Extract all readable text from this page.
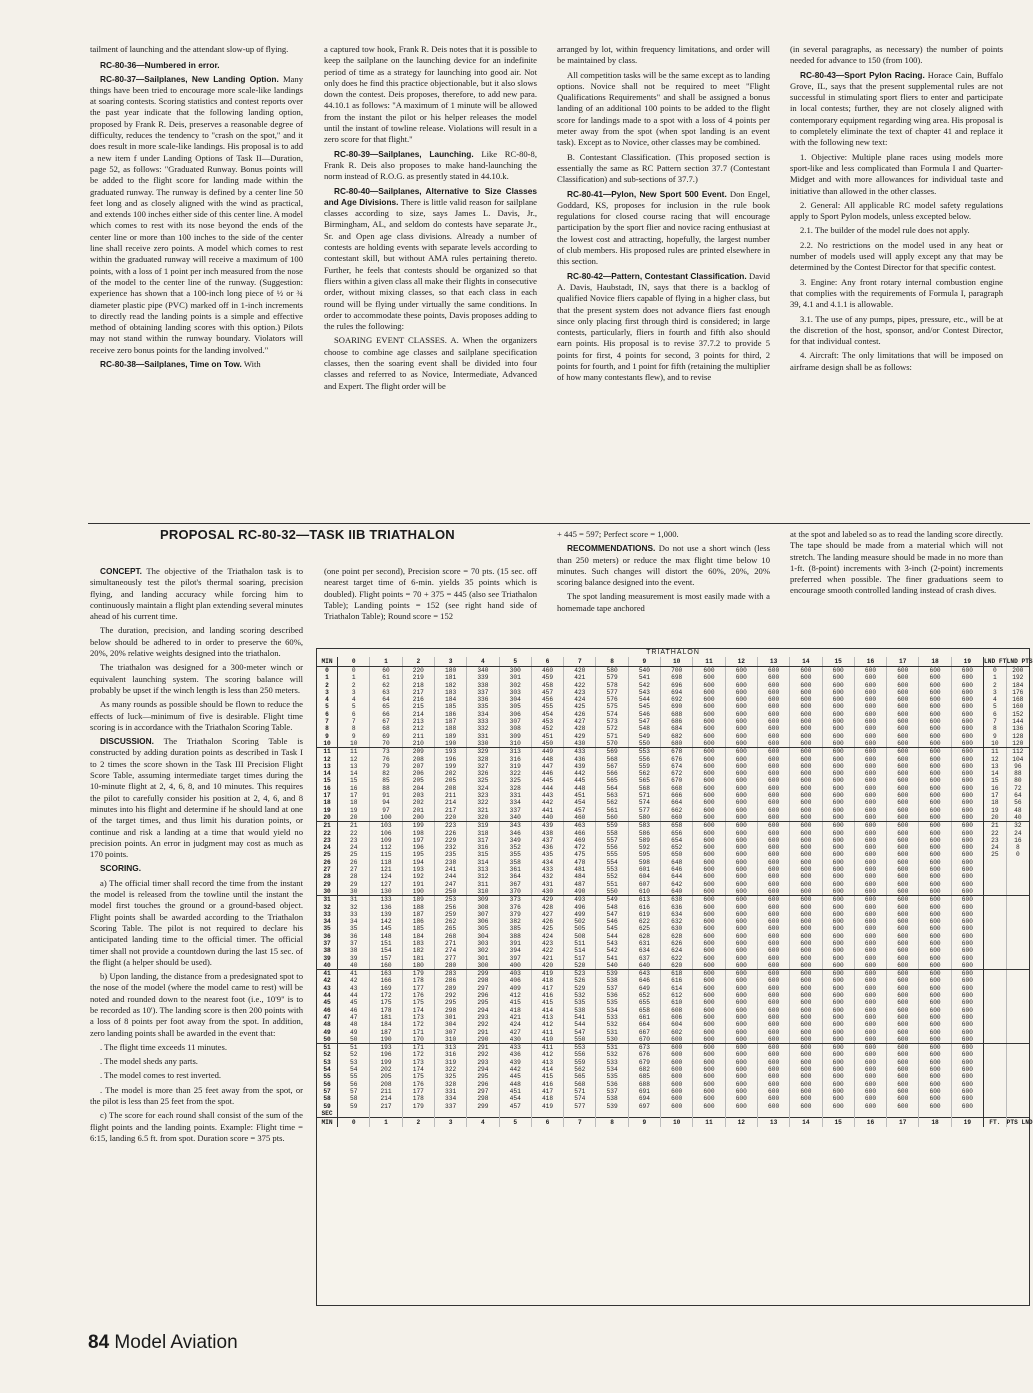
tailment of launching and the attendant slow-up of flying.

RC-80-36—Numbered in error.

RC-80-37—Sailplanes, New Landing Option. Many things have been tried to encourage more scale-like landings at soaring contests. Scoring statistics and contest reports over the past year indicate that the following landing option, proposed by Frank R. Deis, preserves a reasonable degree of difficulty, reduces the tendency to "crash on the spot," and it does result in more scale-like landings. His proposal is to add a new item f under Landing Options of Task II—Duration, page 52, as follows: "Graduated Runway. Bonus points will be added to the flight score for landing made within the graduated runway. The runway is defined by a center line 50 feet long and as closely aligned with the wind as practical, and extends 100 inches either side of this center line. A model which comes to rest with its nose beyond the ends of the center line or more than 100 inches to the side of the center line shall receive zero points. A model which comes to rest within the graduated runway will receive a maximum of 100 points, with a loss of 1 point per inch measured from the nose of the model to the center line of the runway. (Suggestion: experience has shown that a 100-inch long piece of ½ or ¾ diameter plastic pipe (PVC) marked off in 1-inch increments to directly read the landing points is a simple and effective method of obtaining landing scores with this option.) Pilots may not stand within the runway boundary. Violators will receive zero bonus points for the landing involved."

RC-80-38—Sailplanes, Time on Tow. With

a captured tow hook, Frank R. Deis notes that it is possible to keep the sailplane on the launching device for an indefinite period of time as a strategy for launching into good air. Not only does he find this practice objectionable, but it also slows down the contest. Deis proposes, therefore, to add new para. 44.10.1 as follows: "A maximum of 1 minute will be allowed from the instant the pilot or his helper releases the model until the instant of towline release. Violations will result in a zero score for that flight."

RC-80-39—Sailplanes, Launching. Like RC-80-8, Frank R. Deis also proposes to make hand-launching the norm instead of R.O.G. as presently stated in 44.10.k.

RC-80-40—Sailplanes, Alternative to Size Classes and Age Divisions. There is little valid reason for sailplane classes according to size, says James L. Davis, Jr., Birmingham, AL, and seldom do contests have separate Jr., Sr. and Open age class divisions. Already a number of contests are holding events with separate levels according to contestant skill, but without AMA rules pertaining thereto. Further, he feels that contests should be organized so that fliers within a given class all make their flights in consecutive order, without mixing classes, so that each class in each round will be flying under virtually the same conditions. In order to accommodate these points, Davis proposes adding to the rules the following:

SOARING EVENT CLASSES. A. When the organizers choose to combine age classes and sailplane specification classes, then the soaring event shall be divided into four classes and referred to as Novice, Intermediate, Advanced and Expert. The flight order will be

arranged by lot, within frequency limitations, and order will be maintained by class.

All competition tasks will be the same except as to landing options. Novice shall not be required to meet "Flight Qualifications Requirements" and shall be assigned a bonus landing of an additional 100 points to be added to the flight score for landings made to a spot with a loss of 4 points per meter away from the spot (when spot landing is an event task). Except as to Novice, other classes may be combined.

B. Contestant Classification. (This proposed section is essentially the same as RC Pattern section 37.7 (Contestant Classification) and sub-sections of 37.7.)

RC-80-41—Pylon, New Sport 500 Event. Don Engel, Goddard, KS, proposes for inclusion in the rule book regulations for closed course racing that will encourage participation by the sport flier and novice racing enthusiast at the lowest cost and attracting, hopefully, the largest number of club members. His proposed rules are printed elsewhere in this section.

RC-80-42—Pattern, Contestant Classification. David A. Davis, Haubstadt, IN, says that there is a backlog of qualified Novice fliers capable of flying in a higher class, but that the present system does not advance fliers fast enough since only placing first through third is considered; in large contests, particularly, fliers in fourth and fifth also should earn points. His proposal is to revise 37.7.2 to provide 5 points for first, 4 points for second, 3 points for third, 2 points for fourth, and 1 point for fifth (retaining the multiplier of how many contestants flew), and to revise

(in several paragraphs, as necessary) the number of points needed for advance to 150 (from 100).

RC-80-43—Sport Pylon Racing. Horace Cain, Buffalo Grove, IL, says that the present supplemental rules are not successful in stimulating sport fliers to enter and participate in local contests; further, they are not closely aligned with contemporary equipment regarding wing area. His proposal is to completely eliminate the text of chapter 41 and replace it with the following new text:

1. Objective: Multiple plane races using models more sport-like and less complicated than Formula I and Quarter-Midget and with more allowances for individual taste and initiative than allowed in the other classes.

2. General: All applicable RC model safety regulations apply to Sport Pylon models, unless excepted below.

2.1. The builder of the model rule does not apply.

2.2. No restrictions on the model used in any heat or number of models used will apply except any that may be determined by the Contest Director for that specific contest.

3. Engine: Any front rotary internal combustion engine that complies with the requirements of Formula I, paragraph 39, 4.1 and 4.1.1 is allowable.

3.1. The use of any pumps, pipes, pressure, etc., will be at the discretion of the host, sponsor, and/or Contest Director, for that individual contest.

4. Aircraft: The only limitations that will be imposed on airframe design shall be as follows:

PROPOSAL RC-80-32—TASK IIB TRIATHALON

CONCEPT. The objective of the Triathalon task is to simultaneously test the pilot's thermal soaring, precision flying, and landing accuracy while forcing him to continuously maintain a flight plan extending several minutes ahead of his current time.

The duration, precision, and landing scoring described below should be adhered to in order to preserve the 60%, 20%, 20% relative weights designed into the triathalon.

The triathalon was designed for a 300-meter winch or equivalent launching system. The scoring balance will probably be upset if the winch length is less than 250 meters.

As many rounds as possible should be flown to reduce the effects of luck—minimum of five is desirable. Flight time scoring is in accordance with the Triathalon Scoring Table.

DISCUSSION. The Triathalon Scoring Table is constructed by adding duration points as described in Task I to 2 times the score shown in the Task III Precision Flight Score Table, assuming intermediate target times during the 10-minute flight at 2, 4, 6, 8, and 10 minutes. This requires the pilot to carefully consider his position at 2, 4, 6, and 8 minutes into his flight and determine if he should land at one of the target times, and thus limit his duration points, or continue and risk a landing at a time that would yield no precision points. An error in judgment may cost as much as 170 points.

SCORING.

a) The official timer shall record the time from the instant the model is released from the towline until the instant the model first touches the ground or a ground-based object. Flight points shall be awarded according to the Triathalon Scoring Table. The pilot is not required to declare his anticipated landing time to the official timer. The official timer shall not provide a countdown during the last 15 sec. of the flight (a helper should be used).

b) Upon landing, the distance from a predesignated spot to the nose of the model (where the model came to rest) will be noted and rounded down to the nearest foot (i.e., 10'9" is to be recorded as 10'). The landing score is then 200 points with a loss of 8 points per foot away from the spot. In addition, zero landing points shall be awarded in the event that:

. The flight time exceeds 11 minutes.

. The model sheds any parts.

. The model comes to rest inverted.

. The model is more than 25 feet away from the spot, or the pilot is less than 25 feet from the spot.

c) The score for each round shall consist of the sum of the flight points and the landing points. Example: Flight time = 6:15, landing 6.5 ft. from spot. Duration score = 375 pts.

(one point per second), Precision score = 70 pts. (15 sec. off nearest target time of 6-min. yields 35 points which is doubled). Flight points = 70 + 375 = 445 (also see Triathalon Table); Landing points = 152 (see right hand side of Triathalon Table); Round score = 152

+ 445 = 597; Perfect score = 1,000.

RECOMMENDATIONS. Do not use a short winch (less than 250 meters) or reduce the max flight time below 10 minutes. Such changes will distort the 60%, 20%, 20% scoring balance designed into the event.

The spot landing measurement is most easily made with a homemade tape anchored

at the spot and labeled so as to read the landing score directly. The tape should be made from a material which will not stretch. The landing measure should be made in no more than 1-ft. (8-point) increments with 3-inch (2-point) increments preferred when possible. The finer graduations seem to encourage smooth controlled landing instead of crash dives.

TRIATHALON
MIN	0	1	2	3	4	5	6	7	8	9	10	11	12	13	14	15	16	17	18	19	LND FT.	LND PTS
0	0	60	220	180	340	300	460	420	580	540	700	600	600	600	600	600	600	600	600	600	0	200
1	1	61	219	181	339	301	459	421	579	541	698	600	600	600	600	600	600	600	600	600	1	192
2	2	62	218	182	338	302	458	422	578	542	696	600	600	600	600	600	600	600	600	600	2	184
3	3	63	217	183	337	303	457	423	577	543	694	600	600	600	600	600	600	600	600	600	3	176
4	4	64	216	184	336	304	456	424	576	544	692	600	600	600	600	600	600	600	600	600	4	168
5	5	65	215	185	335	305	455	425	575	545	690	600	600	600	600	600	600	600	600	600	5	160
6	6	66	214	186	334	306	454	426	574	546	688	600	600	600	600	600	600	600	600	600	6	152
7	7	67	213	187	333	307	453	427	573	547	686	600	600	600	600	600	600	600	600	600	7	144
8	8	68	212	188	332	308	452	428	572	548	684	600	600	600	600	600	600	600	600	600	8	136
9	9	69	211	189	331	309	451	429	571	549	682	600	600	600	600	600	600	600	600	600	9	128
10	10	70	210	190	330	310	450	430	570	550	680	600	600	600	600	600	600	600	600	600	10	120
11	11	73	209	193	329	313	449	433	569	553	678	600	600	600	600	600	600	600	600	600	11	112
12	12	76	208	196	328	316	448	436	568	556	676	600	600	600	600	600	600	600	600	600	12	104
13	13	79	207	199	327	319	447	439	567	559	674	600	600	600	600	600	600	600	600	600	13	96
14	14	82	206	202	326	322	446	442	566	562	672	600	600	600	600	600	600	600	600	600	14	88
15	15	85	205	205	325	325	445	445	565	565	670	600	600	600	600	600	600	600	600	600	15	80
16	16	88	204	208	324	328	444	448	564	568	668	600	600	600	600	600	600	600	600	600	16	72
17	17	91	203	211	323	331	443	451	563	571	666	600	600	600	600	600	600	600	600	600	17	64
18	18	94	202	214	322	334	442	454	562	574	664	600	600	600	600	600	600	600	600	600	18	56
19	19	97	201	217	321	337	441	457	561	577	662	600	600	600	600	600	600	600	600	600	19	48
20	20	100	200	220	320	340	440	460	560	580	660	600	600	600	600	600	600	600	600	600	20	40
21	21	103	199	223	319	343	439	463	559	583	658	600	600	600	600	600	600	600	600	600	21	32
22	22	106	198	226	318	346	438	466	558	586	656	600	600	600	600	600	600	600	600	600	22	24
23	23	109	197	229	317	349	437	469	557	589	654	600	600	600	600	600	600	600	600	600	23	16
24	24	112	196	232	316	352	436	472	556	592	652	600	600	600	600	600	600	600	600	600	24	8
25	25	115	195	235	315	355	435	475	555	595	650	600	600	600	600	600	600	600	600	600	25	0
26	26	118	194	238	314	358	434	478	554	598	648	600	600	600	600	600	600	600	600	600		
27	27	121	193	241	313	361	433	481	553	601	646	600	600	600	600	600	600	600	600	600		
28	28	124	192	244	312	364	432	484	552	604	644	600	600	600	600	600	600	600	600	600		
29	29	127	191	247	311	367	431	487	551	607	642	600	600	600	600	600	600	600	600	600		
30	30	130	190	250	310	370	430	490	550	610	640	600	600	600	600	600	600	600	600	600		
31	31	133	189	253	309	373	429	493	549	613	638	600	600	600	600	600	600	600	600	600		
32	32	136	188	256	308	376	428	496	548	616	636	600	600	600	600	600	600	600	600	600		
33	33	139	187	259	307	379	427	499	547	619	634	600	600	600	600	600	600	600	600	600		
34	34	142	186	262	306	382	426	502	546	622	632	600	600	600	600	600	600	600	600	600		
35	35	145	185	265	305	385	425	505	545	625	630	600	600	600	600	600	600	600	600	600		
36	36	148	184	268	304	388	424	508	544	628	628	600	600	600	600	600	600	600	600	600		
37	37	151	183	271	303	391	423	511	543	631	626	600	600	600	600	600	600	600	600	600		
38	38	154	182	274	302	394	422	514	542	634	624	600	600	600	600	600	600	600	600	600		
39	39	157	181	277	301	397	421	517	541	637	622	600	600	600	600	600	600	600	600	600		
40	40	160	180	280	300	400	420	520	540	640	620	600	600	600	600	600	600	600	600	600		
41	41	163	179	283	299	403	419	523	539	643	618	600	600	600	600	600	600	600	600	600		
42	42	166	178	286	298	406	418	526	538	646	616	600	600	600	600	600	600	600	600	600		
43	43	169	177	289	297	409	417	529	537	649	614	600	600	600	600	600	600	600	600	600		
44	44	172	176	292	296	412	416	532	536	652	612	600	600	600	600	600	600	600	600	600		
45	45	175	175	295	295	415	415	535	535	655	610	600	600	600	600	600	600	600	600	600		
46	46	178	174	298	294	418	414	538	534	658	608	600	600	600	600	600	600	600	600	600		
47	47	181	173	301	293	421	413	541	533	661	606	600	600	600	600	600	600	600	600	600		
48	48	184	172	304	292	424	412	544	532	664	604	600	600	600	600	600	600	600	600	600		
49	49	187	171	307	291	427	411	547	531	667	602	600	600	600	600	600	600	600	600	600		
50	50	190	170	310	290	430	410	550	530	670	600	600	600	600	600	600	600	600	600	600		
51	51	193	171	313	291	433	411	553	531	673	600	600	600	600	600	600	600	600	600	600		
52	52	196	172	316	292	436	412	556	532	676	600	600	600	600	600	600	600	600	600	600		
53	53	199	173	319	293	439	413	559	533	679	600	600	600	600	600	600	600	600	600	600		
54	54	202	174	322	294	442	414	562	534	682	600	600	600	600	600	600	600	600	600	600		
55	55	205	175	325	295	445	415	565	535	685	600	600	600	600	600	600	600	600	600	600		
56	56	208	176	328	296	448	416	568	536	688	600	600	600	600	600	600	600	600	600	600		
57	57	211	177	331	297	451	417	571	537	691	600	600	600	600	600	600	600	600	600	600		
58	58	214	178	334	298	454	418	574	538	694	600	600	600	600	600	600	600	600	600	600		
59	59	217	179	337	299	457	419	577	539	697	600	600	600	600	600	600	600	600	600	600		
SEC																						
MIN	0	1	2	3	4	5	6	7	8	9	10	11	12	13	14	15	16	17	18	19	FT.	PTS LND
84 Model Aviation
